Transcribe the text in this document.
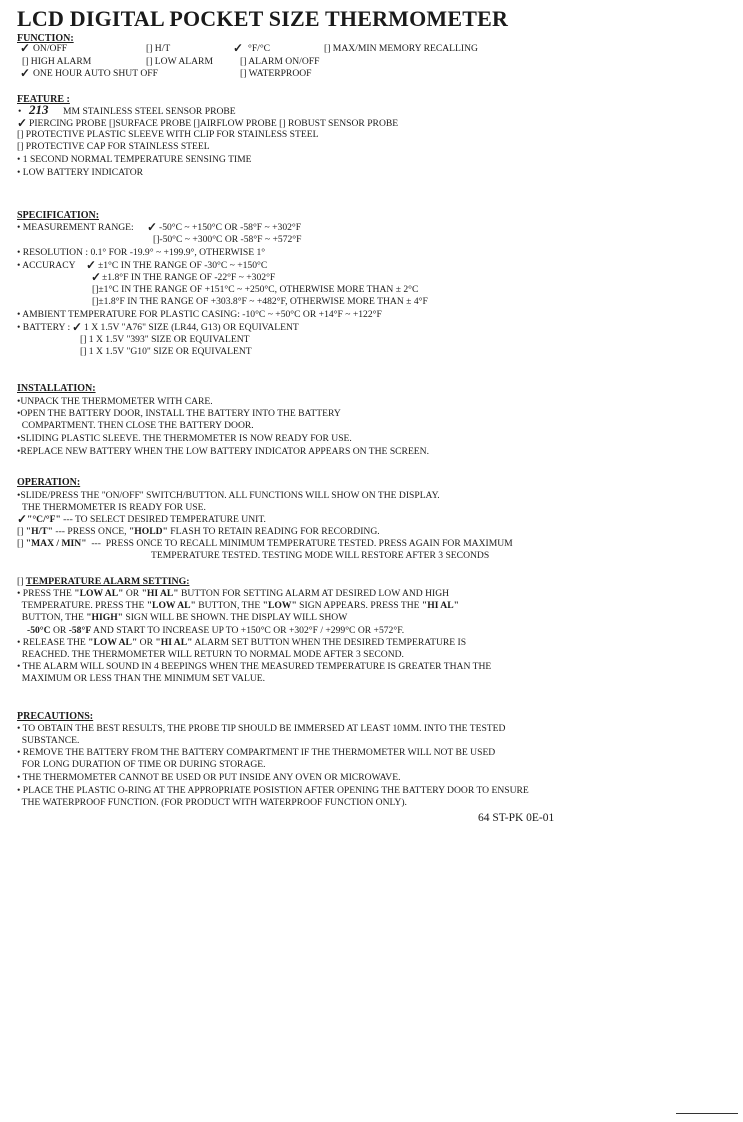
LCD DIGITAL POCKET SIZE THERMOMETER
FUNCTION:
✓ ON/OFF	[] H/T	✓ °F/°C	[] MAX/MIN MEMORY RECALLING
[] HIGH ALARM	[] LOW ALARM	[] ALARM ON/OFF
✓ ONE HOUR AUTO SHUT OFF	[] WATERPROOF
FEATURE :
• 213 MM STAINLESS STEEL SENSOR PROBE
✓ PIERCING PROBE []SURFACE PROBE []AIRFLOW PROBE [] ROBUST SENSOR PROBE
[] PROTECTIVE PLASTIC SLEEVE WITH CLIP FOR STAINLESS STEEL
[] PROTECTIVE CAP FOR STAINLESS STEEL
• 1 SECOND NORMAL TEMPERATURE SENSING TIME
• LOW BATTERY INDICATOR
SPECIFICATION:
• MEASUREMENT RANGE: ✓ -50°C ~ +150°C OR -58°F ~ +302°F
[]-50°C ~ +300°C OR -58°F ~ +572°F
• RESOLUTION : 0.1° FOR -19.9° ~ +199.9°, OTHERWISE 1°
• ACCURACY ✓ ±1°C IN THE RANGE OF -30°C ~ +150°C
✓ ±1.8°F IN THE RANGE OF -22°F ~ +302°F
[]±1°C IN THE RANGE OF +151°C ~ +250°C, OTHERWISE MORE THAN ± 2°C
[]±1.8°F IN THE RANGE OF +303.8°F ~ +482°F, OTHERWISE MORE THAN ± 4°F
• AMBIENT TEMPERATURE FOR PLASTIC CASING: -10°C ~ +50°C OR +14°F ~ +122°F
• BATTERY : ✓ 1 X 1.5V "A76" SIZE (LR44, G13) OR EQUIVALENT
[] 1 X 1.5V "393" SIZE OR EQUIVALENT
[] 1 X 1.5V "G10" SIZE OR EQUIVALENT
INSTALLATION:
•UNPACK THE THERMOMETER WITH CARE.
•OPEN THE BATTERY DOOR, INSTALL THE BATTERY INTO THE BATTERY
COMPARTMENT. THEN CLOSE THE BATTERY DOOR.
•SLIDING PLASTIC SLEEVE. THE THERMOMETER IS NOW READY FOR USE.
•REPLACE NEW BATTERY WHEN THE LOW BATTERY INDICATOR APPEARS ON THE SCREEN.
OPERATION:
•SLIDE/PRESS THE "ON/OFF" SWITCH/BUTTON. ALL FUNCTIONS WILL SHOW ON THE DISPLAY.
THE THERMOMETER IS READY FOR USE.
✓ "°C/°F" --- TO SELECT DESIRED TEMPERATURE UNIT.
[] "H/T" --- PRESS ONCE, "HOLD" FLASH TO RETAIN READING FOR RECORDING.
[] "MAX / MIN"  ---  PRESS ONCE TO RECALL MINIMUM TEMPERATURE TESTED. PRESS AGAIN FOR MAXIMUM
TEMPERATURE TESTED. TESTING MODE WILL RESTORE AFTER 3 SECONDS
[] TEMPERATURE ALARM SETTING:
• PRESS THE "LOW AL" OR "HI AL" BUTTON FOR SETTING ALARM AT DESIRED LOW AND HIGH
TEMPERATURE. PRESS THE "LOW AL" BUTTON, THE "LOW" SIGN APPEARS. PRESS THE "HI AL"
BUTTON, THE "HIGH" SIGN WILL BE SHOWN. THE DISPLAY WILL SHOW
-50°C OR -58°F AND START TO INCREASE UP TO +150°C OR +302°F / +299°C OR +572°F.
• RELEASE THE "LOW AL" OR "HI AL" ALARM SET BUTTON WHEN THE DESIRED TEMPERATURE IS
REACHED. THE THERMOMETER WILL RETURN TO NORMAL MODE AFTER 3 SECOND.
• THE ALARM WILL SOUND IN 4 BEEPINGS WHEN THE MEASURED TEMPERATURE IS GREATER THAN THE
MAXIMUM OR LESS THAN THE MINIMUM SET VALUE.
PRECAUTIONS:
• TO OBTAIN THE BEST RESULTS, THE PROBE TIP SHOULD BE IMMERSED AT LEAST 10MM. INTO THE TESTED
SUBSTANCE.
• REMOVE THE BATTERY FROM THE BATTERY COMPARTMENT IF THE THERMOMETER WILL NOT BE USED
FOR LONG DURATION OF TIME OR DURING STORAGE.
• THE THERMOMETER CANNOT BE USED OR PUT INSIDE ANY OVEN OR MICROWAVE.
• PLACE THE PLASTIC O-RING AT THE APPROPRIATE POSISTION AFTER OPENING THE BATTERY DOOR TO ENSURE
THE WATERPROOF FUNCTION. (FOR PRODUCT WITH WATERPROOF FUNCTION ONLY).
64 ST-PK 0E-01
